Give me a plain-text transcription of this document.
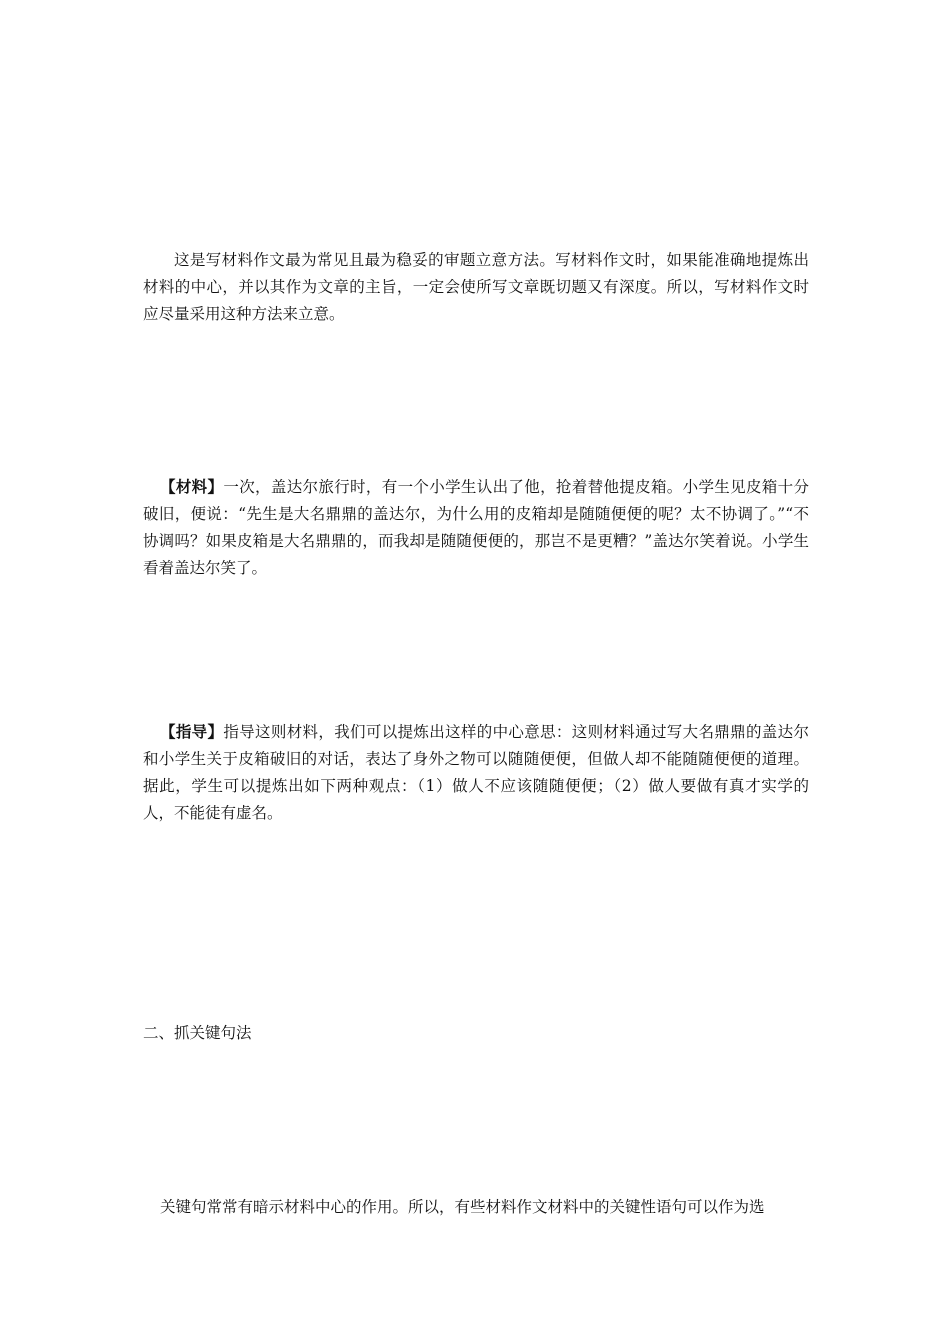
这是写材料作文最为常见且最为稳妥的审题立意方法。写材料作文时，如果能准确地提炼出材料的中心，并以其作为文章的主旨，一定会使所写文章既切题又有深度。所以，写材料作文时应尽量采用这种方法来立意。

【材料】一次，盖达尔旅行时，有一个小学生认出了他，抢着替他提皮箱。小学生见皮箱十分破旧，便说：“先生是大名鼎鼎的盖达尔，为什么用的皮箱却是随随便便的呢？太不协调了。”“不协调吗？如果皮箱是大名鼎鼎的，而我却是随随便便的，那岂不是更糟？”盖达尔笑着说。小学生看着盖达尔笑了。

【指导】指导这则材料，我们可以提炼出这样的中心意思：这则材料通过写大名鼎鼎的盖达尔和小学生关于皮箱破旧的对话，表达了身外之物可以随随便便，但做人却不能随随便便的道理。据此，学生可以提炼出如下两种观点：（1）做人不应该随随便便；（2）做人要做有真才实学的人，不能徒有虚名。

二、抓关键句法

关键句常常有暗示材料中心的作用。所以，有些材料作文材料中的关键性语句可以作为选
